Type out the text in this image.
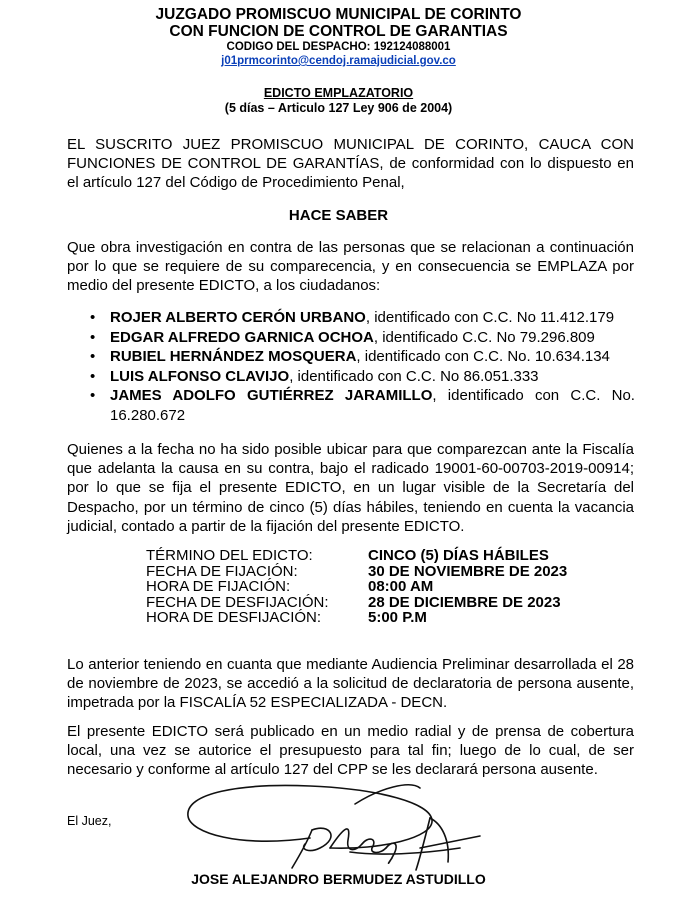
JUZGADO PROMISCUO MUNICIPAL DE CORINTO
CON FUNCION DE CONTROL DE GARANTIAS
CODIGO DEL DESPACHO: 192124088001
j01prmcorinto@cendoj.ramajudicial.gov.co
EDICTO EMPLAZATORIO
(5 días – Articulo 127 Ley 906 de 2004)
EL SUSCRITO JUEZ PROMISCUO MUNICIPAL DE CORINTO, CAUCA CON FUNCIONES DE CONTROL DE GARANTÍAS, de conformidad con lo dispuesto en el artículo 127 del Código de Procedimiento Penal,
HACE SABER
Que obra investigación en contra de las personas que se relacionan a continuación por lo que se requiere de su comparecencia, y en consecuencia se EMPLAZA por medio del presente EDICTO, a los ciudadanos:
• ROJER ALBERTO CERÓN URBANO, identificado con C.C. No 11.412.179
• EDGAR ALFREDO GARNICA OCHOA, identificado C.C. No 79.296.809
• RUBIEL HERNÁNDEZ MOSQUERA, identificado con C.C. No. 10.634.134
• LUIS ALFONSO CLAVIJO, identificado con C.C. No 86.051.333
• JAMES ADOLFO GUTIÉRREZ JARAMILLO, identificado con C.C. No. 16.280.672
Quienes a la fecha no ha sido posible ubicar para que comparezcan ante la Fiscalía que adelanta la causa en su contra, bajo el radicado 19001-60-00703-2019-00914; por lo que se fija el presente EDICTO, en un lugar visible de la Secretaría del Despacho, por un término de cinco (5) días hábiles, teniendo en cuenta la vacancia judicial, contado a partir de la fijación del presente EDICTO.
TÉRMINO DEL EDICTO:	CINCO (5) DÍAS HÁBILES
FECHA DE FIJACIÓN:	30 DE NOVIEMBRE DE 2023
HORA DE FIJACIÓN:	08:00 AM
FECHA DE DESFIJACIÓN:	28 DE DICIEMBRE DE 2023
HORA DE DESFIJACIÓN:	5:00 P.M
Lo anterior teniendo en cuanta que mediante Audiencia Preliminar desarrollada el 28 de noviembre de 2023, se accedió a la solicitud de declaratoria de persona ausente, impetrada por la FISCALÍA 52 ESPECIALIZADA - DECN.
El presente EDICTO será publicado en un medio radial y de prensa de cobertura local, una vez se autorice el presupuesto para tal fin; luego de lo cual, de ser necesario y conforme al artículo 127 del CPP se les declarará persona ausente.
El Juez,
JOSE ALEJANDRO BERMUDEZ ASTUDILLO
